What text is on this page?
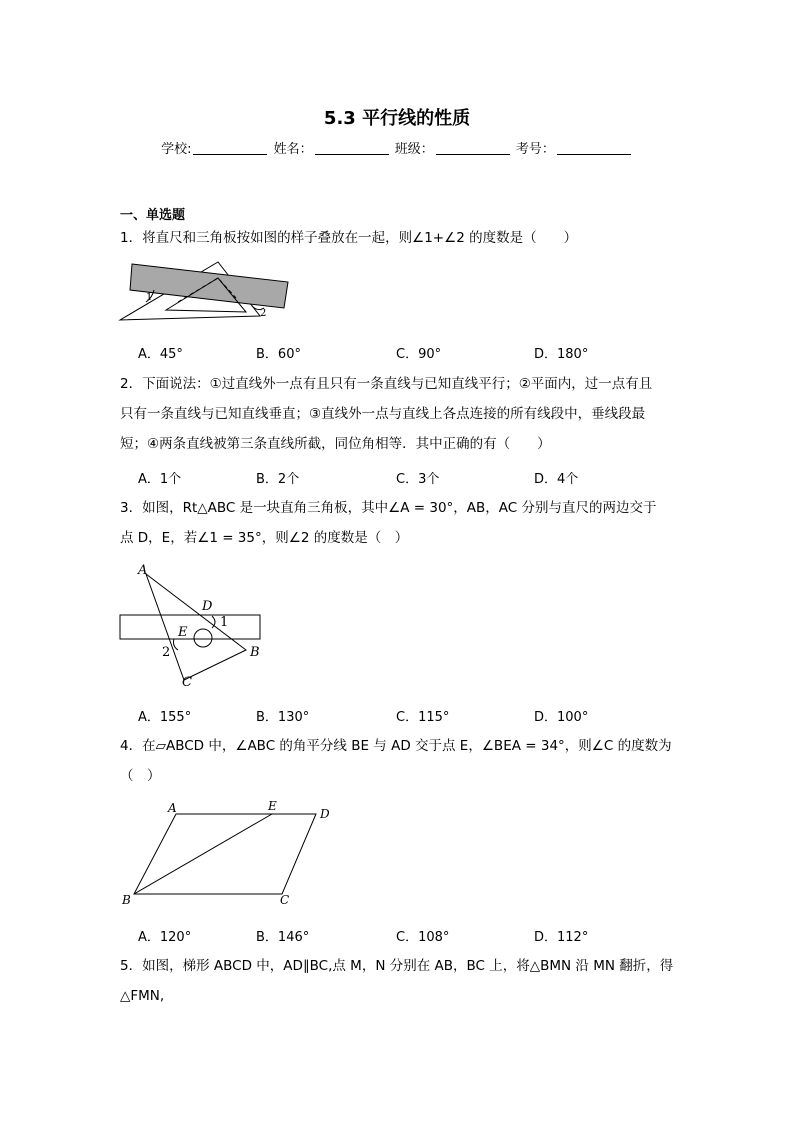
5.3 平行线的性质
学校:	姓名：	班级：	考号：
一、单选题
1．将直尺和三角板按如图的样子叠放在一起，则∠1+∠2 的度数是（　　）
1
2
A．45°	B．60°	C．90°	D．180°
2．下面说法：①过直线外一点有且只有一条直线与已知直线平行；②平面内，过一点有且
只有一条直线与已知直线垂直；③直线外一点与直线上各点连接的所有线段中，垂线段最
短；④两条直线被第三条直线所截，同位角相等．其中正确的有（　　）
A．1个	B．2个	C．3个	D．4个
3．如图，Rt△ABC 是一块直角三角板，其中∠A = 30°，AB，AC 分别与直尺的两边交于
点 D，E，若∠1 = 35°，则∠2 的度数是（　）
A
D
1
E
2	B
C
A．155°	B．130°	C．115°	D．100°
4．在▱ABCD 中，∠ABC 的角平分线 BE 与 AD 交于点 E，∠BEA = 34°，则∠C 的度数为
（　）
A	E
D
B	C
A．120°	B．146°	C．108°	D．112°
5．如图，梯形 ABCD 中，AD∥BC,点 M，N 分别在 AB，BC 上，将△BMN 沿 MN 翻折，得
△FMN,
